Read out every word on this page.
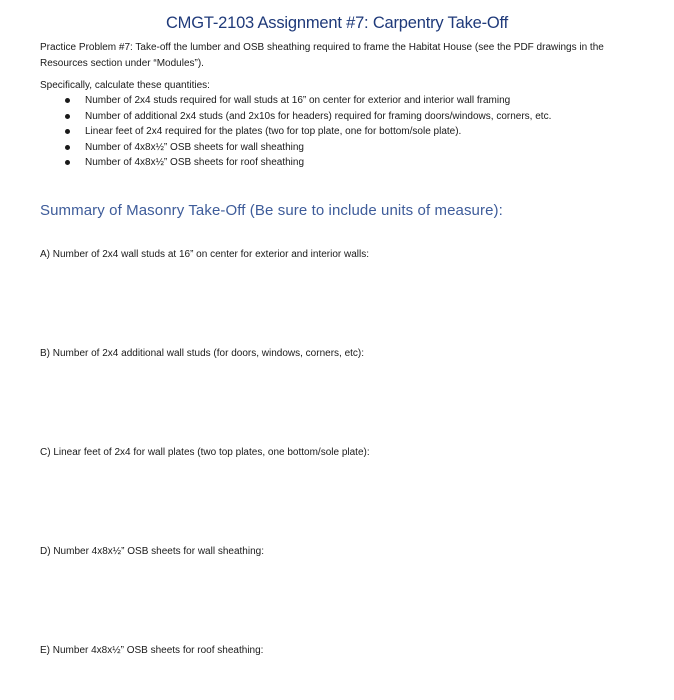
CMGT-2103 Assignment #7: Carpentry Take-Off
Practice Problem #7: Take-off the lumber and OSB sheathing required to frame the Habitat House (see the PDF drawings in the Resources section under “Modules”).
Specifically, calculate these quantities:
Number of 2x4 studs required for wall studs at 16” on center for exterior and interior wall framing
Number of additional 2x4 studs (and 2x10s for headers) required for framing doors/windows, corners, etc.
Linear feet of 2x4 required for the plates (two for top plate, one for bottom/sole plate).
Number of 4x8x½” OSB sheets for wall sheathing
Number of 4x8x½” OSB sheets for roof sheathing
Summary of Masonry Take-Off (Be sure to include units of measure):
A) Number of 2x4 wall studs at 16” on center for exterior and interior walls:
B) Number of 2x4 additional wall studs (for doors, windows, corners, etc):
C) Linear feet of 2x4 for wall plates (two top plates, one bottom/sole plate):
D) Number 4x8x½” OSB sheets for wall sheathing:
E) Number 4x8x½” OSB sheets for roof sheathing:
